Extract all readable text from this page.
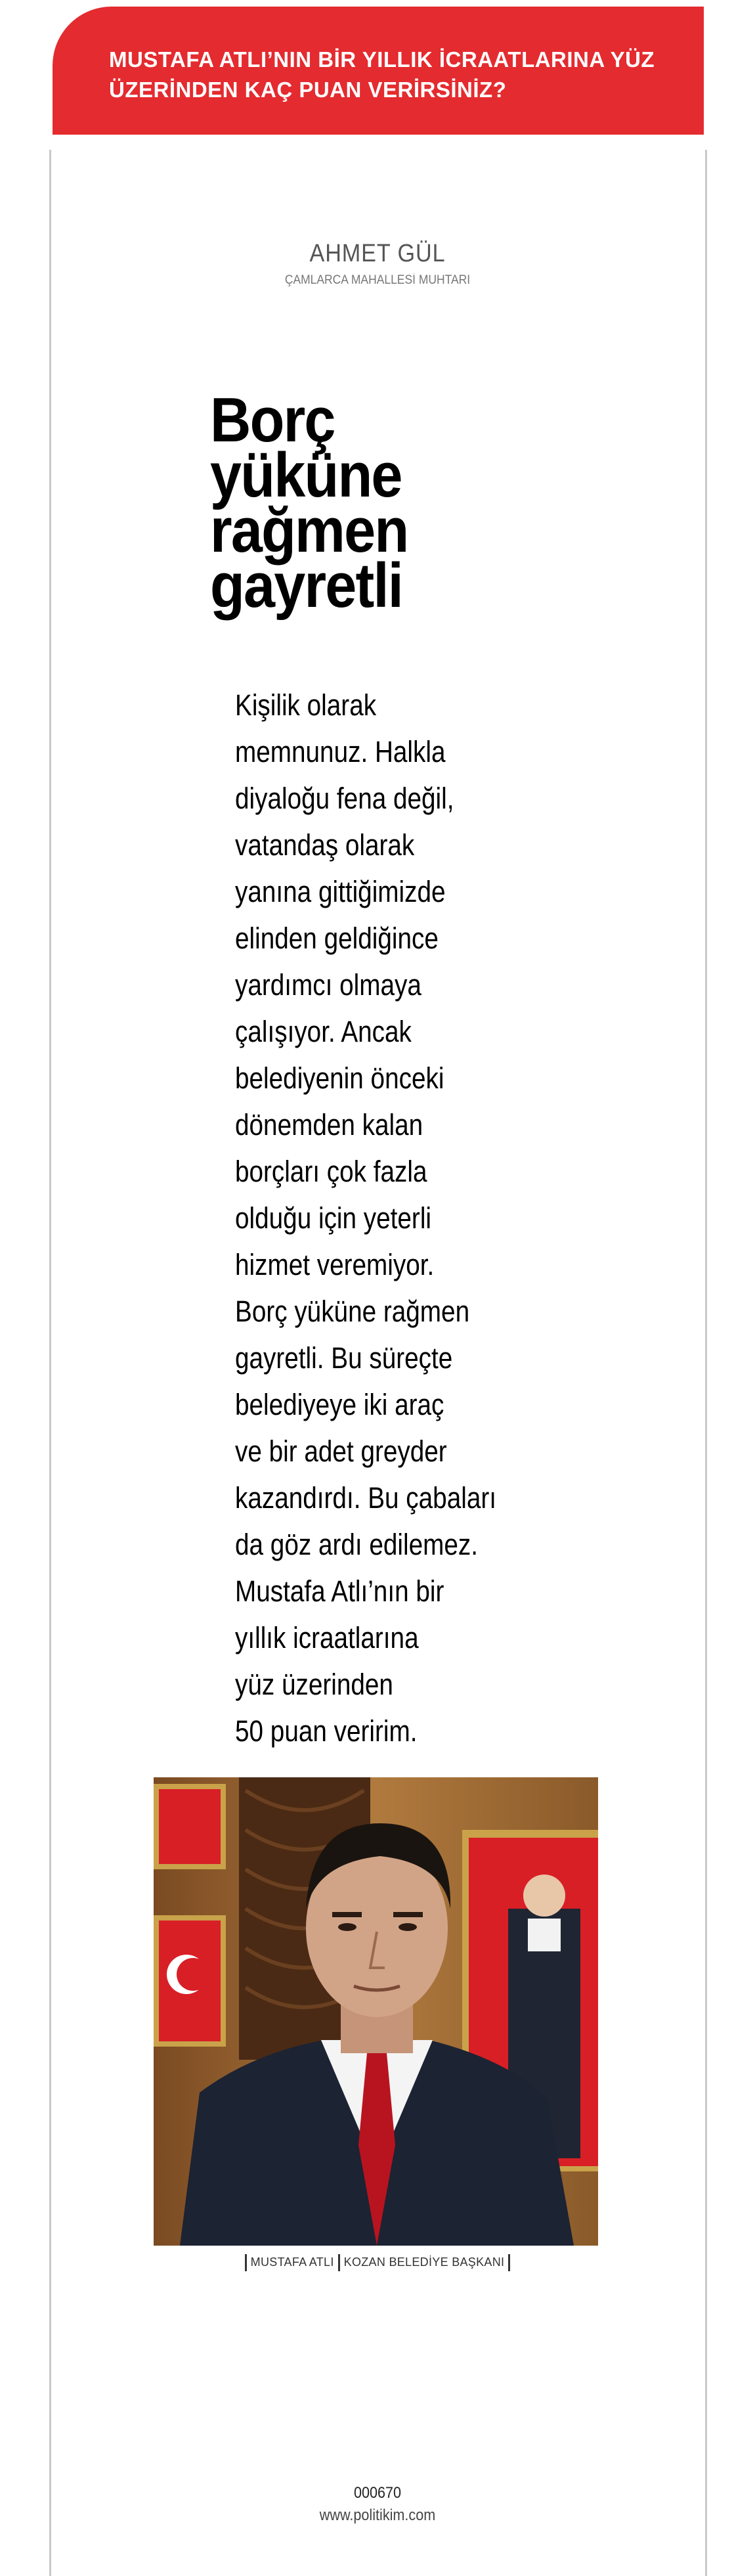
MUSTAFA ATLI’NIN BİR YILLIK İCRAATLARINA YÜZ ÜZERİNDEN KAÇ PUAN VERİRSİNİZ?

AHMET GÜL
ÇAMLARCA MAHALLESİ MUHTARI
Borç
yüküne
rağmen
gayretli

Kişilik olarak
memnunuz. Halkla
diyaloğu fena değil,
vatandaş olarak
yanına gittiğimizde
elinden geldiğince
yardımcı olmaya
çalışıyor. Ancak
belediyenin önceki
dönemden kalan
borçları çok fazla
olduğu için yeterli
hizmet veremiyor.
Borç yüküne rağmen
gayretli. Bu süreçte
belediyeye iki araç
ve bir adet greyder
kazandırdı. Bu çabaları
da göz ardı edilemez.
Mustafa Atlı’nın bir
yıllık icraatlarına
yüz üzerinden
50 puan veririm.

MUSTAFA ATLI KOZAN BELEDİYE BAŞKANI
000670
www.politikim.com
